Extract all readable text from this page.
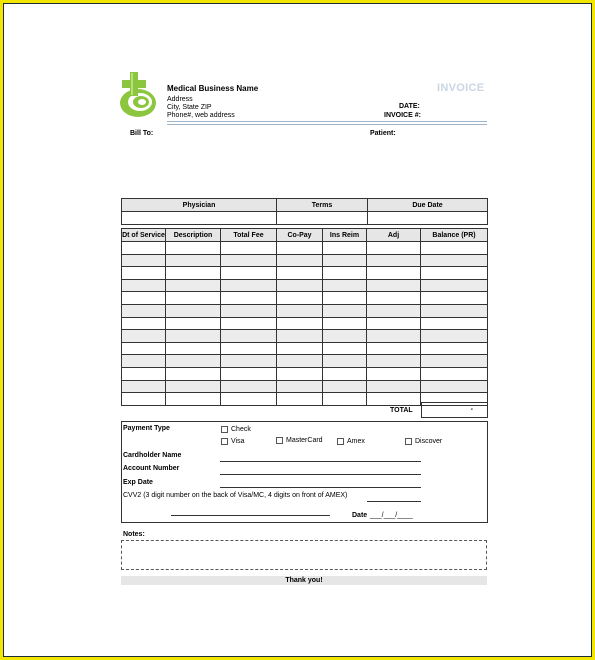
Medical Business Name
Address
City, State ZIP
Phone#, web address
INVOICE
DATE:
INVOICE #:
Bill To:	Patient:
Physician	Terms	Due Date

Dt of Service	Description	Total Fee	Co-Pay	Ins Reim	Adj	Balance (PR)

TOTAL	-
Payment Type	Check
Visa	MasterCard	Amex	Discover
Cardholder Name
Account Number
Exp Date
CVV2 (3 digit number on the back of Visa/MC, 4 digits on front of AMEX)
Date ___/___/____
Notes:
Thank you!
